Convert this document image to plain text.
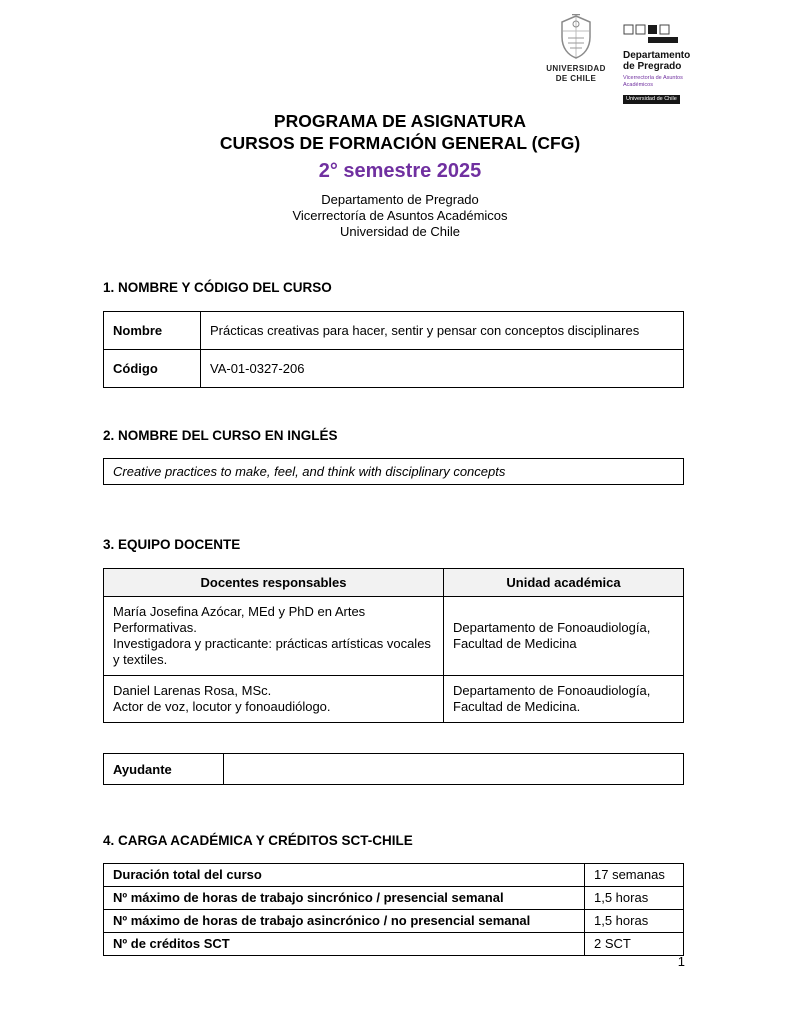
UNIVERSIDAD
DE CHILE
Departamento
de Pregrado
Vicerrectoría de Asuntos Académicos
Universidad de Chile
PROGRAMA DE ASIGNATURA
CURSOS DE FORMACIÓN GENERAL (CFG)
2° semestre 2025
Departamento de Pregrado
Vicerrectoría de Asuntos Académicos
Universidad de Chile
1. NOMBRE Y CÓDIGO DEL CURSO
Nombre	Prácticas creativas para hacer, sentir y pensar con conceptos disciplinares
Código	VA-01-0327-206
2. NOMBRE DEL CURSO EN INGLÉS
Creative practices to make, feel, and think with disciplinary concepts
3. EQUIPO DOCENTE
Docentes responsables	Unidad académica

María Josefina Azócar, MEd y PhD en Artes Performativas.
Investigadora y practicante: prácticas artísticas vocales y textiles.	Departamento de Fonoaudiología, Facultad de Medicina

Daniel Larenas Rosa, MSc.
Actor de voz, locutor y fonoaudiólogo.	Departamento de Fonoaudiología, Facultad de Medicina.
Ayudante	
4. CARGA ACADÉMICA Y CRÉDITOS SCT-CHILE
Duración total del curso	17 semanas
Nº máximo de horas de trabajo sincrónico / presencial semanal	1,5 horas
Nº máximo de horas de trabajo asincrónico / no presencial semanal	1,5 horas
Nº de créditos SCT	2 SCT
1
